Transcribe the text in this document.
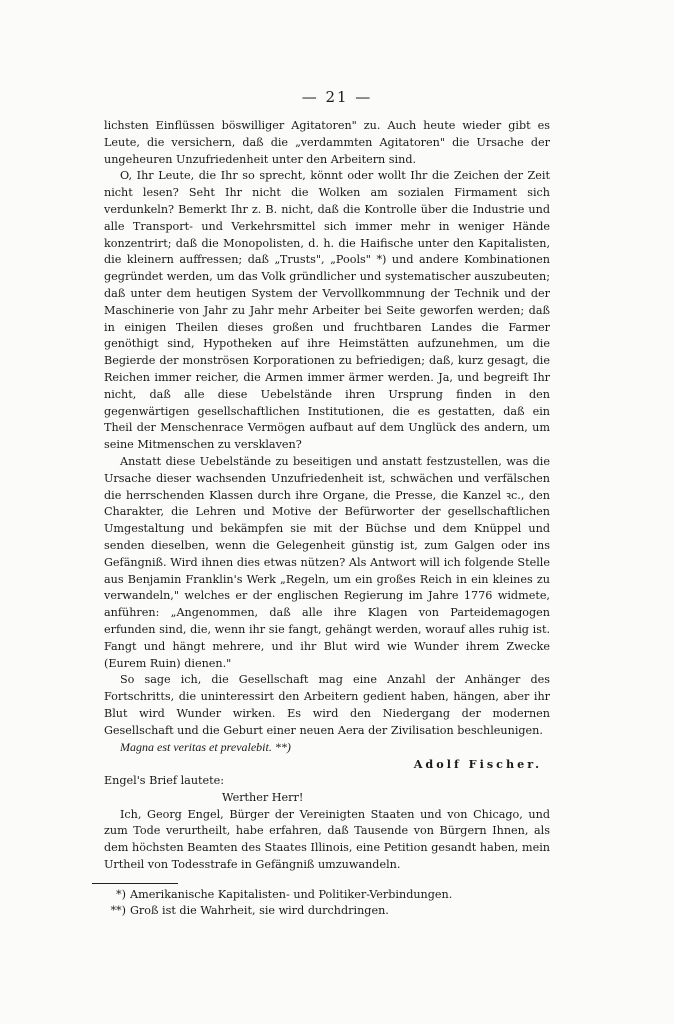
— 21 —

lichsten Einflüssen böswilliger Agitatoren" zu. Auch heute wieder gibt es Leute, die versichern, daß die „verdammten Agitatoren" die Ursache der ungeheuren Unzufriedenheit unter den Arbeitern sind.

O, Ihr Leute, die Ihr so sprecht, könnt oder wollt Ihr die Zeichen der Zeit nicht lesen? Seht Ihr nicht die Wolken am sozialen Firmament sich verdunkeln? Bemerkt Ihr z. B. nicht, daß die Kontrolle über die Industrie und alle Transport- und Verkehrsmittel sich immer mehr in weniger Hände konzentrirt; daß die Monopolisten, d. h. die Haifische unter den Kapitalisten, die kleinern auffressen; daß „Trusts", „Pools" *) und andere Kombinationen gegründet werden, um das Volk gründlicher und systematischer auszubeuten; daß unter dem heutigen System der Vervollkommnung der Technik und der Maschinerie von Jahr zu Jahr mehr Arbeiter bei Seite geworfen werden; daß in einigen Theilen dieses großen und fruchtbaren Landes die Farmer genöthigt sind, Hypotheken auf ihre Heimstätten aufzunehmen, um die Begierde der monströsen Korporationen zu befriedigen; daß, kurz gesagt, die Reichen immer reicher, die Armen immer ärmer werden. Ja, und begreift Ihr nicht, daß alle diese Uebelstände ihren Ursprung finden in den gegenwärtigen gesellschaftlichen Institutionen, die es gestatten, daß ein Theil der Menschenrace Vermögen aufbaut auf dem Unglück des andern, um seine Mitmenschen zu versklaven?

Anstatt diese Uebelstände zu beseitigen und anstatt festzustellen, was die Ursache dieser wachsenden Unzufriedenheit ist, schwächen und verfälschen die herrschenden Klassen durch ihre Organe, die Presse, die Kanzel ꝛc., den Charakter, die Lehren und Motive der Befürworter der gesellschaftlichen Umgestaltung und bekämpfen sie mit der Büchse und dem Knüppel und senden dieselben, wenn die Gelegenheit günstig ist, zum Galgen oder ins Gefängniß. Wird ihnen dies etwas nützen? Als Antwort will ich folgende Stelle aus Benjamin Franklin's Werk „Regeln, um ein großes Reich in ein kleines zu verwandeln," welches er der englischen Regierung im Jahre 1776 widmete, anführen: „Angenommen, daß alle ihre Klagen von Parteidemagogen erfunden sind, die, wenn ihr sie fangt, gehängt werden, worauf alles ruhig ist. Fangt und hängt mehrere, und ihr Blut wird wie Wunder ihrem Zwecke (Eurem Ruin) dienen."

So sage ich, die Gesellschaft mag eine Anzahl der Anhänger des Fortschritts, die uninteressirt den Arbeitern gedient haben, hängen, aber ihr Blut wird Wunder wirken. Es wird den Niedergang der modernen Gesellschaft und die Geburt einer neuen Aera der Zivilisation beschleunigen.

Magna est veritas et prevalebit. **)

Adolf Fischer.

Engel's Brief lautete:

Werther Herr!

Ich, Georg Engel, Bürger der Vereinigten Staaten und von Chicago, und zum Tode verurtheilt, habe erfahren, daß Tausende von Bürgern Ihnen, als dem höchsten Beamten des Staates Illinois, eine Petition gesandt haben, mein Urtheil von Todesstrafe in Gefängniß umzuwandeln.

*) Amerikanische Kapitalisten- und Politiker-Verbindungen.

**) Groß ist die Wahrheit, sie wird durchdringen.
